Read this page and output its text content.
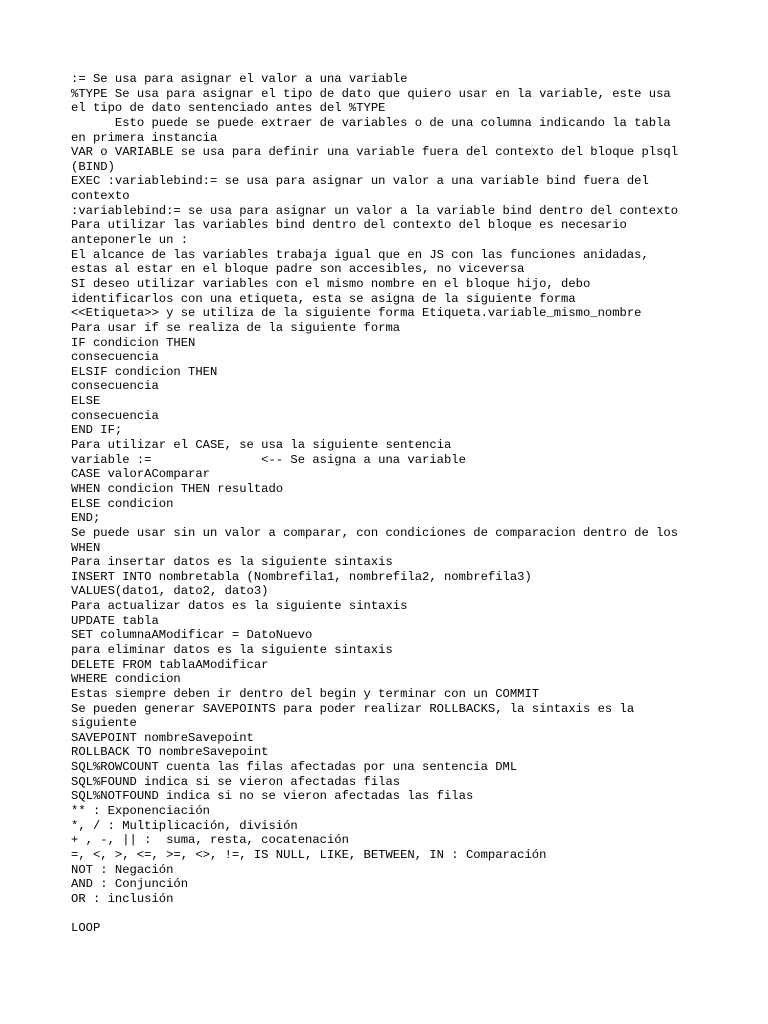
:= Se usa para asignar el valor a una variable
%TYPE Se usa para asignar el tipo de dato que quiero usar en la variable, este usa
el tipo de dato sentenciado antes del %TYPE
Esto puede se puede extraer de variables o de una columna indicando la tabla
en primera instancia
VAR o VARIABLE se usa para definir una variable fuera del contexto del bloque plsql
(BIND)
EXEC :variablebind:= se usa para asignar un valor a una variable bind fuera del
contexto
:variablebind:= se usa para asignar un valor a la variable bind dentro del contexto
Para utilizar las variables bind dentro del contexto del bloque es necesario
anteponerle un :
El alcance de las variables trabaja igual que en JS con las funciones anidadas,
estas al estar en el bloque padre son accesibles, no viceversa
SI deseo utilizar variables con el mismo nombre en el bloque hijo, debo
identificarlos con una etiqueta, esta se asigna de la siguiente forma
<<Etiqueta>> y se utiliza de la siguiente forma Etiqueta.variable_mismo_nombre
Para usar if se realiza de la siguiente forma
IF condicion THEN
consecuencia
ELSIF condicion THEN
consecuencia
ELSE
consecuencia
END IF;
Para utilizar el CASE, se usa la siguiente sentencia
variable :=               <-- Se asigna a una variable
CASE valorAComparar
WHEN condicion THEN resultado
ELSE condicion
END;
Se puede usar sin un valor a comparar, con condiciones de comparacion dentro de los
WHEN
Para insertar datos es la siguiente sintaxis
INSERT INTO nombretabla (Nombrefila1, nombrefila2, nombrefila3)
VALUES(dato1, dato2, dato3)
Para actualizar datos es la siguiente sintaxis
UPDATE tabla
SET columnaAModificar = DatoNuevo
para eliminar datos es la siguiente sintaxis
DELETE FROM tablaAModificar
WHERE condicion
Estas siempre deben ir dentro del begin y terminar con un COMMIT
Se pueden generar SAVEPOINTS para poder realizar ROLLBACKS, la sintaxis es la
siguiente
SAVEPOINT nombreSavepoint
ROLLBACK TO nombreSavepoint
SQL%ROWCOUNT cuenta las filas afectadas por una sentencia DML
SQL%FOUND indica si se vieron afectadas filas
SQL%NOTFOUND indica si no se vieron afectadas las filas
** : Exponenciación
*, / : Multiplicación, división
+ , -, || :  suma, resta, cocatenación
=, <, >, <=, >=, <>, !=, IS NULL, LIKE, BETWEEN, IN : Comparación
NOT : Negación
AND : Conjunción
OR : inclusión
LOOP
